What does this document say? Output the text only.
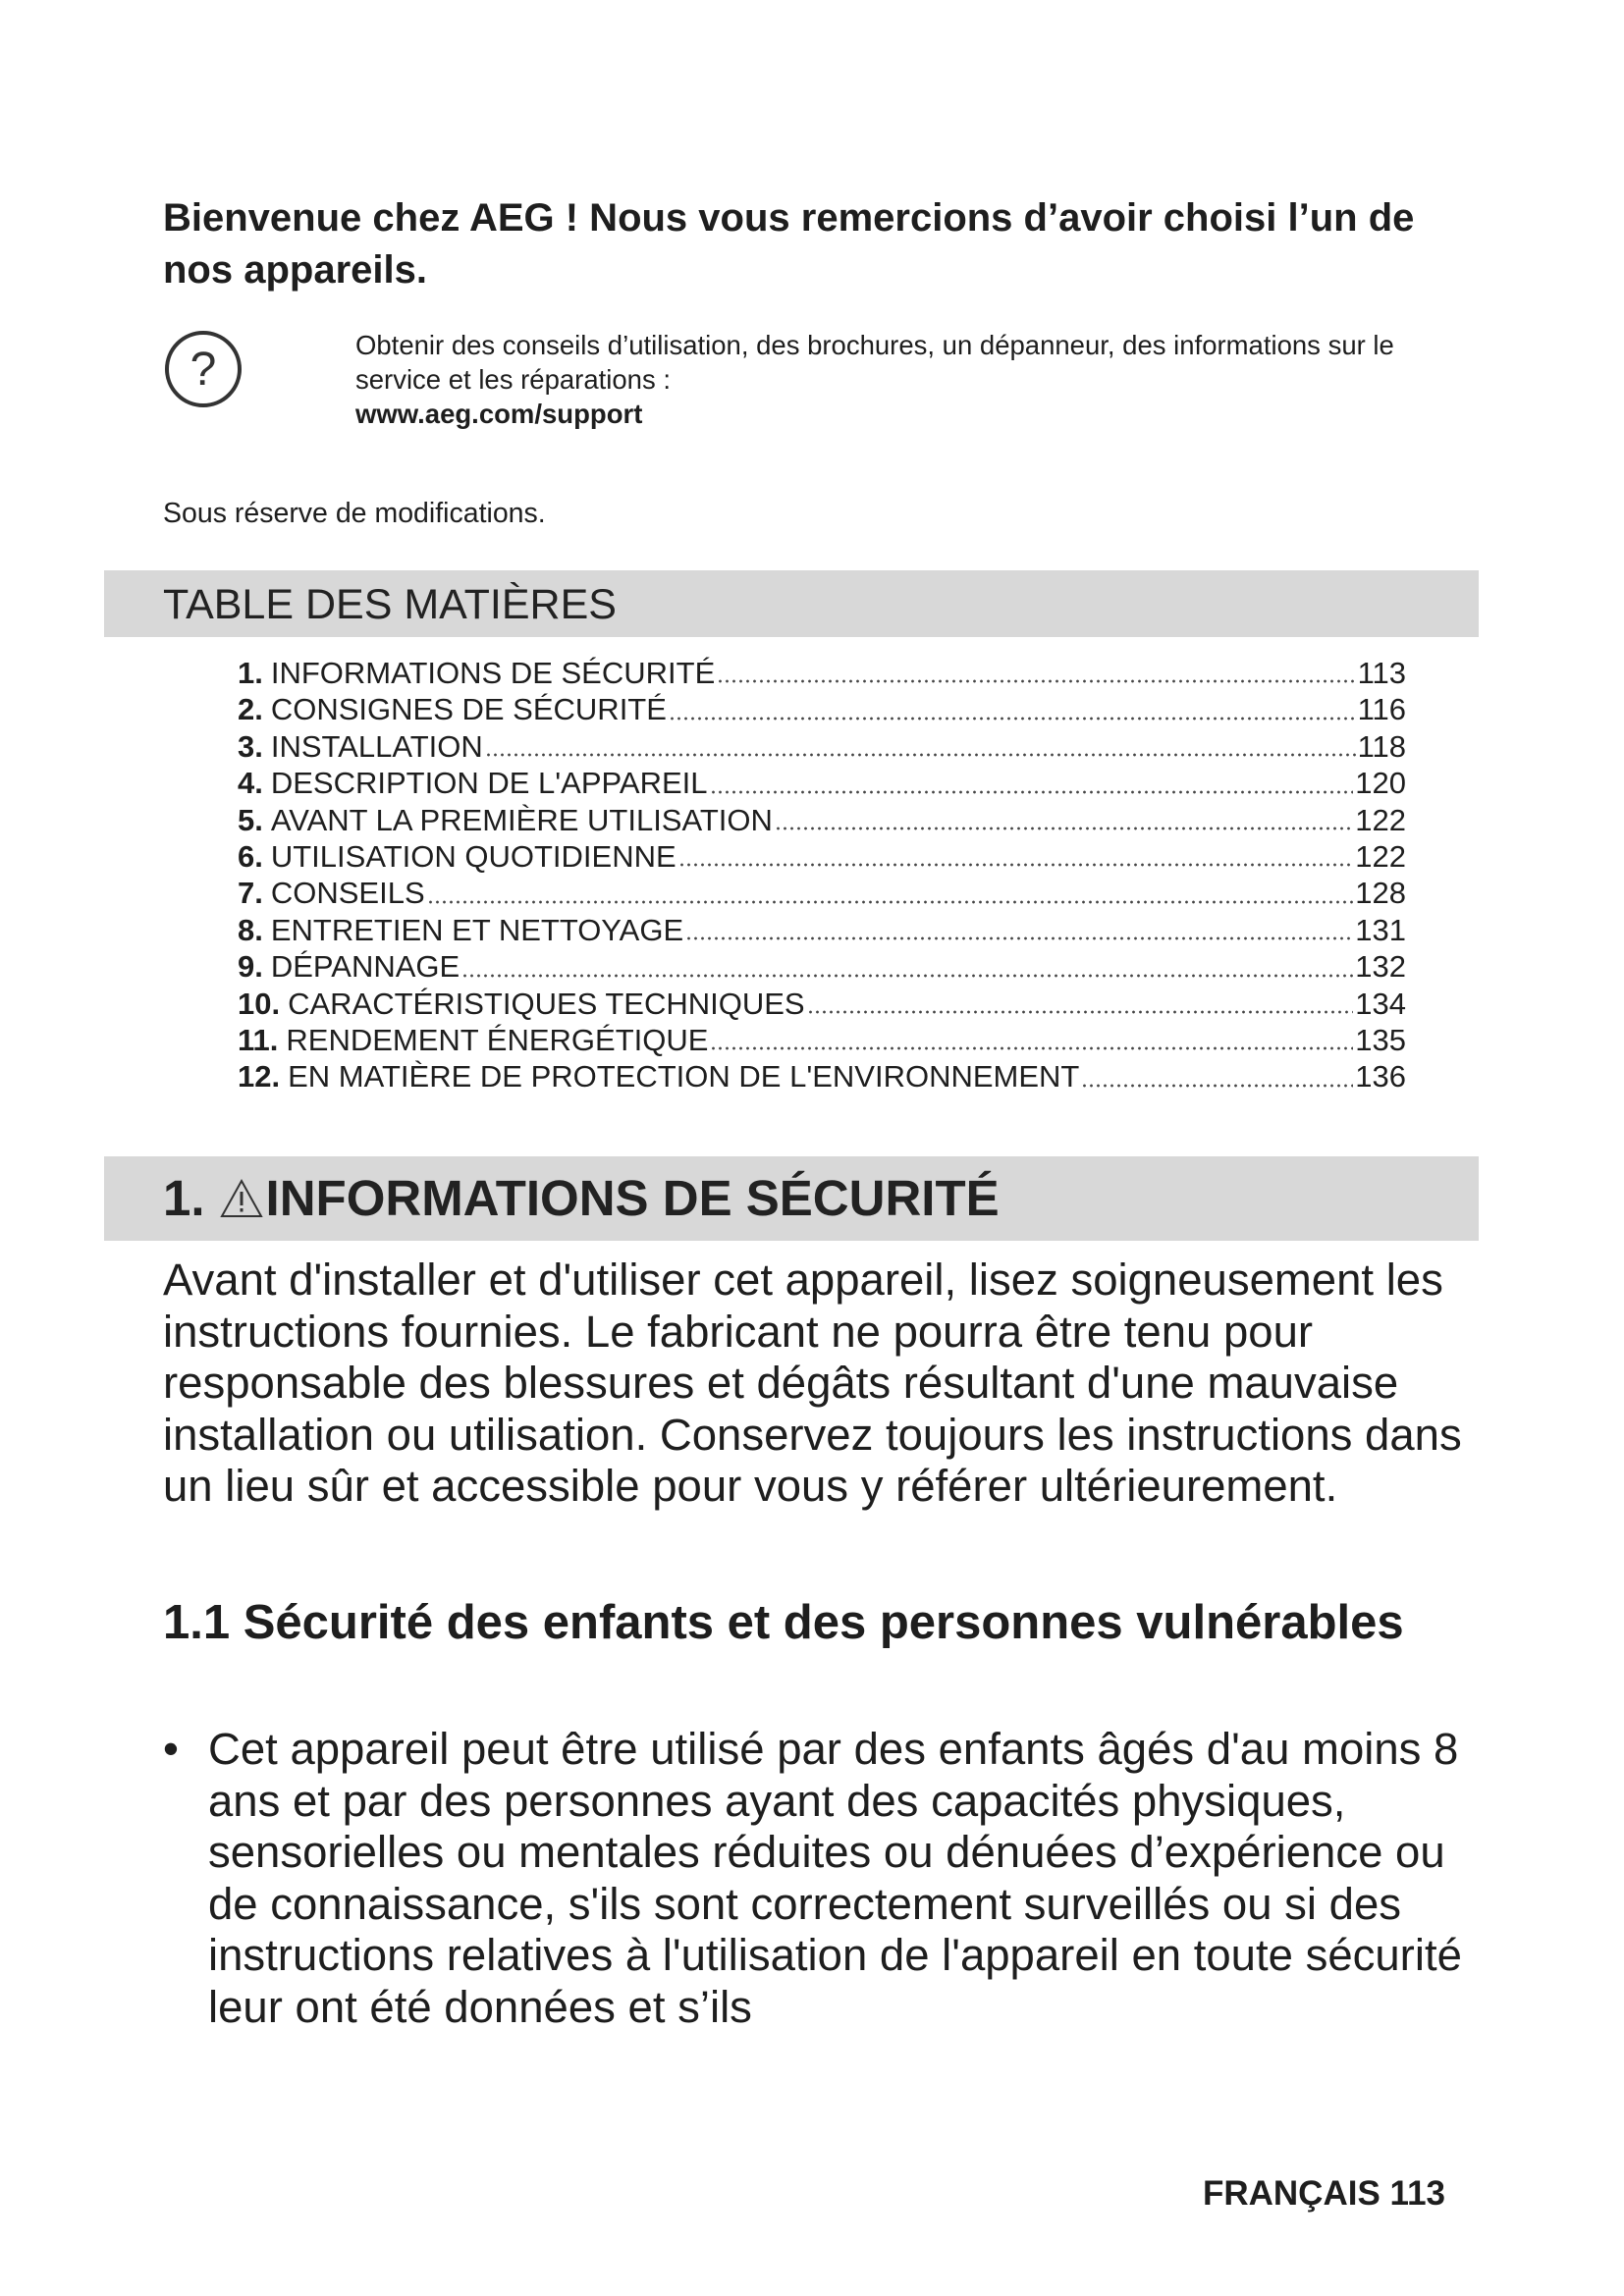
Bienvenue chez AEG ! Nous vous remercions d’avoir choisi l’un de nos appareils.
?	Obtenir des conseils d’utilisation, des brochures, un dépanneur, des informations sur le service et les réparations :
www.aeg.com/support
Sous réserve de modifications.
TABLE DES MATIÈRES
1. INFORMATIONS DE SÉCURITÉ	113
2. CONSIGNES DE SÉCURITÉ	116
3. INSTALLATION	118
4. DESCRIPTION DE L'APPAREIL	120
5. AVANT LA PREMIÈRE UTILISATION	122
6. UTILISATION QUOTIDIENNE	122
7. CONSEILS	128
8. ENTRETIEN ET NETTOYAGE	131
9. DÉPANNAGE	132
10. CARACTÉRISTIQUES TECHNIQUES	134
11. RENDEMENT ÉNERGÉTIQUE	135
12. EN MATIÈRE DE PROTECTION DE L'ENVIRONNEMENT	136
1. INFORMATIONS DE SÉCURITÉ

Avant d'installer et d'utiliser cet appareil, lisez soigneusement les instructions fournies. Le fabricant ne pourra être tenu pour responsable des blessures et dégâts résultant d'une mauvaise installation ou utilisation. Conservez toujours les instructions dans un lieu sûr et accessible pour vous y référer ultérieurement.

1.1 Sécurité des enfants et des personnes vulnérables
• Cet appareil peut être utilisé par des enfants âgés d'au moins 8 ans et par des personnes ayant des capacités physiques, sensorielles ou mentales réduites ou dénuées d’expérience ou de connaissance, s'ils sont correctement surveillés ou si des instructions relatives à l'utilisation de l'appareil en toute sécurité leur ont été données et s’ils
FRANÇAIS 113
